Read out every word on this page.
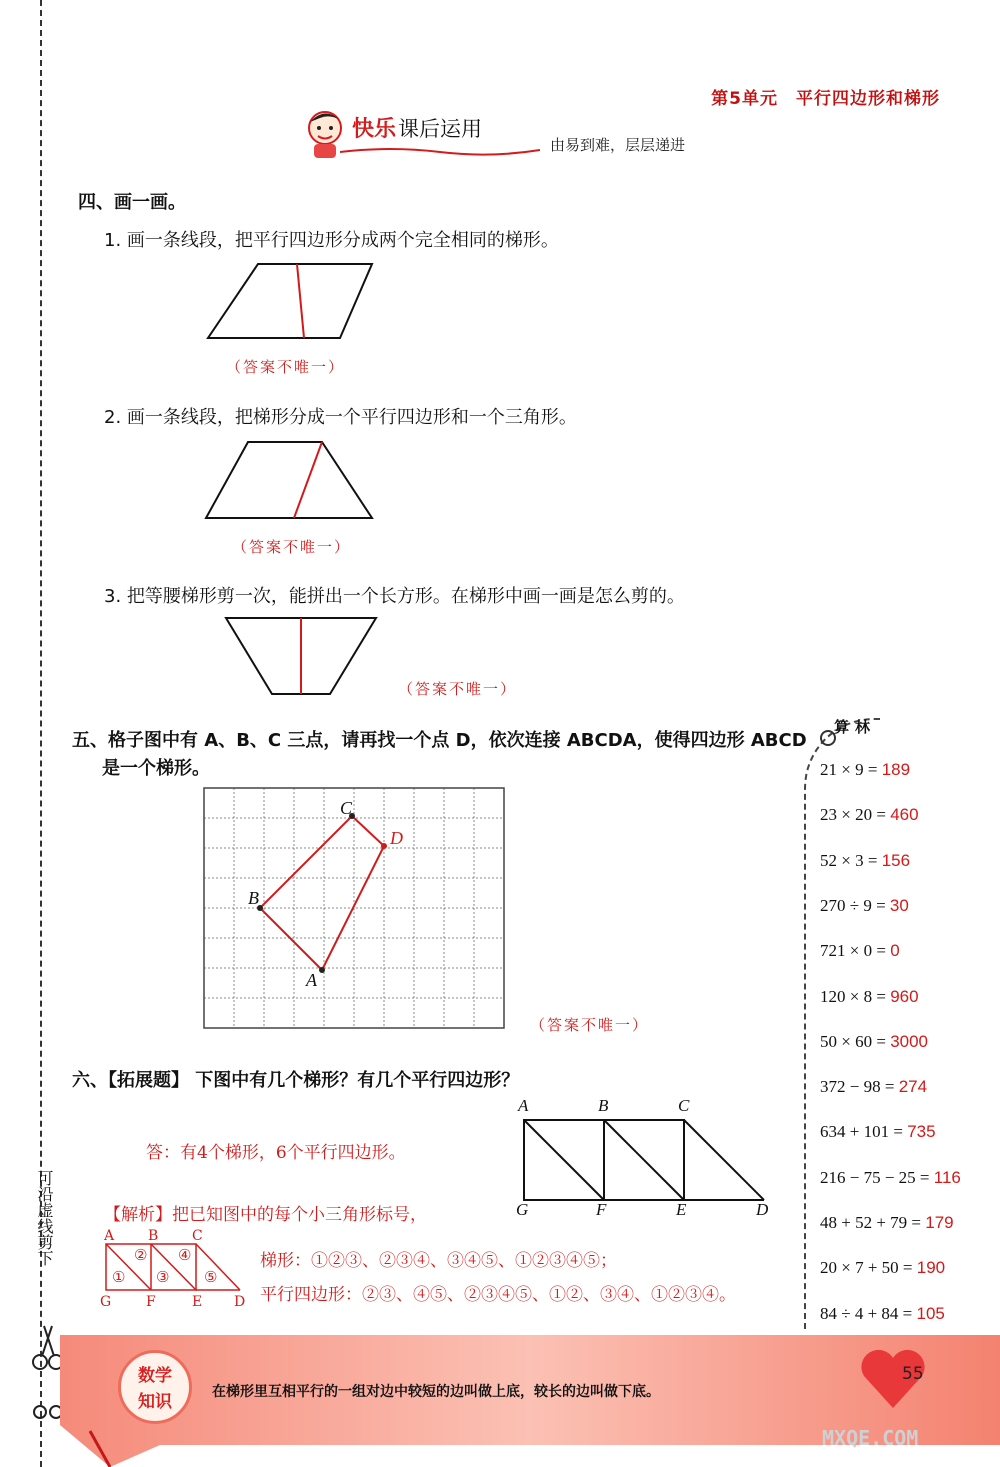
可沿虚线剪下
第5单元　平行四边形和梯形
快乐课后运用
由易到难，层层递进
四、画一画。
1. 画一条线段，把平行四边形分成两个完全相同的梯形。
（答案不唯一）
2. 画一条线段，把梯形分成一个平行四边形和一个三角形。
（答案不唯一）
3. 把等腰梯形剪一次，能拼出一个长方形。在梯形中画一画是怎么剪的。
（答案不唯一）
五、格子图中有 A、B、C 三点，请再找一个点 D，依次连接 ABCDA，使得四边形 ABCD
是一个梯形。
A
B
C
D
（答案不唯一）
六、【拓展题】 下图中有几个梯形？有几个平行四边形？
A	B	C
D
E
F
G
答：有4个梯形，6个平行四边形。
【解析】把已知图中的每个小三角形标号，
A B C
D
E
F
G
①
②
③
④
⑤
梯形：①②③、②③④、③④⑤、①②③④⑤；
平行四边形：②③、④⑤、②③④⑤、①②、③④、①②③④。
算林
21 × 9 = 189
23 × 20 = 460
52 × 3 = 156
270 ÷ 9 = 30
721 × 0 = 0
120 × 8 = 960
50 × 60 = 3000
372 − 98 = 274
634 + 101 = 735
216 − 75 − 25 = 116
48 + 52 + 79 = 179
20 × 7 + 50 = 190
84 ÷ 4 + 84 = 105
数学
知识	在梯形里互相平行的一组对边中较短的边叫做上底，较长的边叫做下底。
55
MXQE.COM
